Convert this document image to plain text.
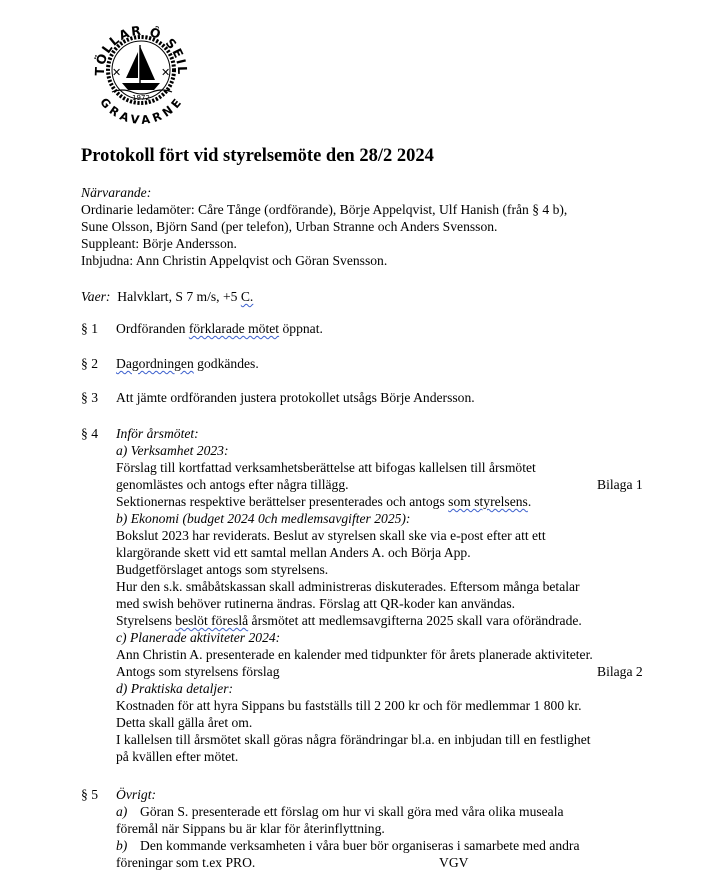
TÖLLAR Ô SEIL
GRAVARNE
✕	✕
1972
Protokoll fört vid styrelsemöte den 28/2 2024
Närvarande:
Ordinarie ledamöter: Cåre Tånge (ordförande), Börje Appelqvist, Ulf Hanish (från § 4 b),
Sune Olsson, Björn Sand (per telefon), Urban Stranne och Anders Svensson.
Suppleant: Börje Andersson.
Inbjudna: Ann Christin Appelqvist och Göran Svensson.
Vaer: Halvklart, S 7 m/s, +5 C.
§ 1 Ordföranden förklarade mötet öppnat.
§ 2 Dagordningen godkändes.
§ 3 Att jämte ordföranden justera protokollet utsågs Börje Andersson.
§ 4 Inför årsmötet:
a) Verksamhet 2023:
Förslag till kortfattad verksamhetsberättelse att bifogas kallelsen till årsmötet
genomlästes och antogs efter några tillägg.	Bilaga 1
Sektionernas respektive berättelser presenterades och antogs som styrelsens.
b) Ekonomi (budget 2024 0ch medlemsavgifter 2025):
Bokslut 2023 har reviderats. Beslut av styrelsen skall ske via e-post efter att ett
klargörande skett vid ett samtal mellan Anders A. och Börja App.
Budgetförslaget antogs som styrelsens.
Hur den s.k. småbåtskassan skall administreras diskuterades. Eftersom många betalar
med swish behöver rutinerna ändras. Förslag att QR-koder kan användas.
Styrelsens beslöt föreslå årsmötet att medlemsavgifterna 2025 skall vara oförändrade.
c) Planerade aktiviteter 2024:
Ann Christin A. presenterade en kalender med tidpunkter för årets planerade aktiviteter.
Antogs som styrelsens förslag	Bilaga 2
d) Praktiska detaljer:
Kostnaden för att hyra Sippans bu fastställs till 2 200 kr och för medlemmar 1 800 kr.
Detta skall gälla året om.
I kallelsen till årsmötet skall göras några förändringar bl.a. en inbjudan till en festlighet
på kvällen efter mötet.
§ 5 Övrigt:
a) Göran S. presenterade ett förslag om hur vi skall göra med våra olika museala
föremål när Sippans bu är klar för återinflyttning.
b) Den kommande verksamheten i våra buer bör organiseras i samarbete med andra
föreningar som t.ex PRO.	VGV
